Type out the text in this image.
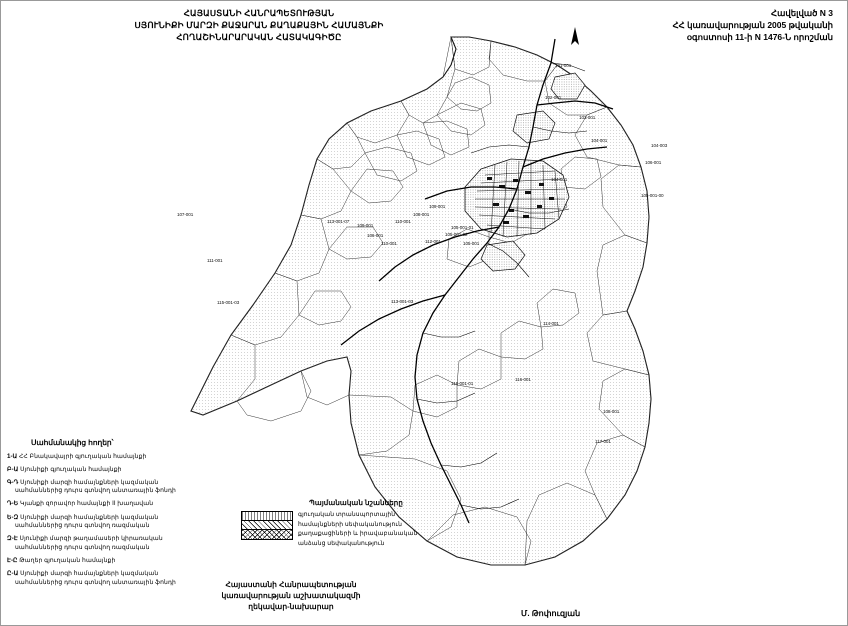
ՀԱՅԱՍՏԱՆԻ ՀԱՆՐԱՊԵՏՈՒԹՅԱՆ
ՍՅՈՒՆԻՔԻ ՄԱՐԶԻ ՔԱՋԱՐԱՆ ՔԱՂԱՔԱՅԻՆ ՀԱՄԱՅՆՔԻ
ՀՈՂԱՇԻՆԱՐԱՐԱԿԱՆ ՀԱՏԱԿԱԳԻԾԸ
Հավելված N 3
ՀՀ կառավարության 2005 թվականի
օգոստոսի 11-ի N 1476-Ն որոշման
101-001
102-001
103-001
104-001
104-003
106-001
104-001
105-001-00
107-001
113-001-07
105-001-01
108-001
109-001
110-001
105-001-02
109-001
106-001
110-001	112-001	105-001
111-001
113-001-03
115-001-03
114-001
116-001-01
116-001
108-001
117-001
Սահմանակից հողեր՝
1-Ա ՀՀ Բնակավայրի գյուղական համայնքի
Բ-Ա Սյունիքի գյուղական համայնքի
Գ-Դ Սյունիքի մարզի համայնքների կազմական
սահմաններից դուրս գտնվող անտառային ֆոնդի
Դ-Ե Կյանքի զորավոր համայնքի II խաղավան
Ե-Զ Սյունիքի մարզի համայնքների կազմական
սահմաններից դուրս գտնվող ռազմական
Զ-Է Սյունիքի մարզի թաղամասերի կիրառական
սահմաններից դուրս գտնվող ռազմական
Է-Ը Թաղեր գյուղական համայնքի
Ը-Ա Սյունիքի մարզի համայնքների կազմական
սահմաններից դուրս գտնվող անտառային ֆոնդի
Պայմանական նշանները

գյուղական տրանսպորտային

համայնքների սեփականություն

քաղաքացիների և իրավաբանական

անձանց սեփականություն

Հայաստանի Հանրապետության
կառավարության աշխատակազմի
ղեկավար-նախարար
Մ. Թոփուզյան
